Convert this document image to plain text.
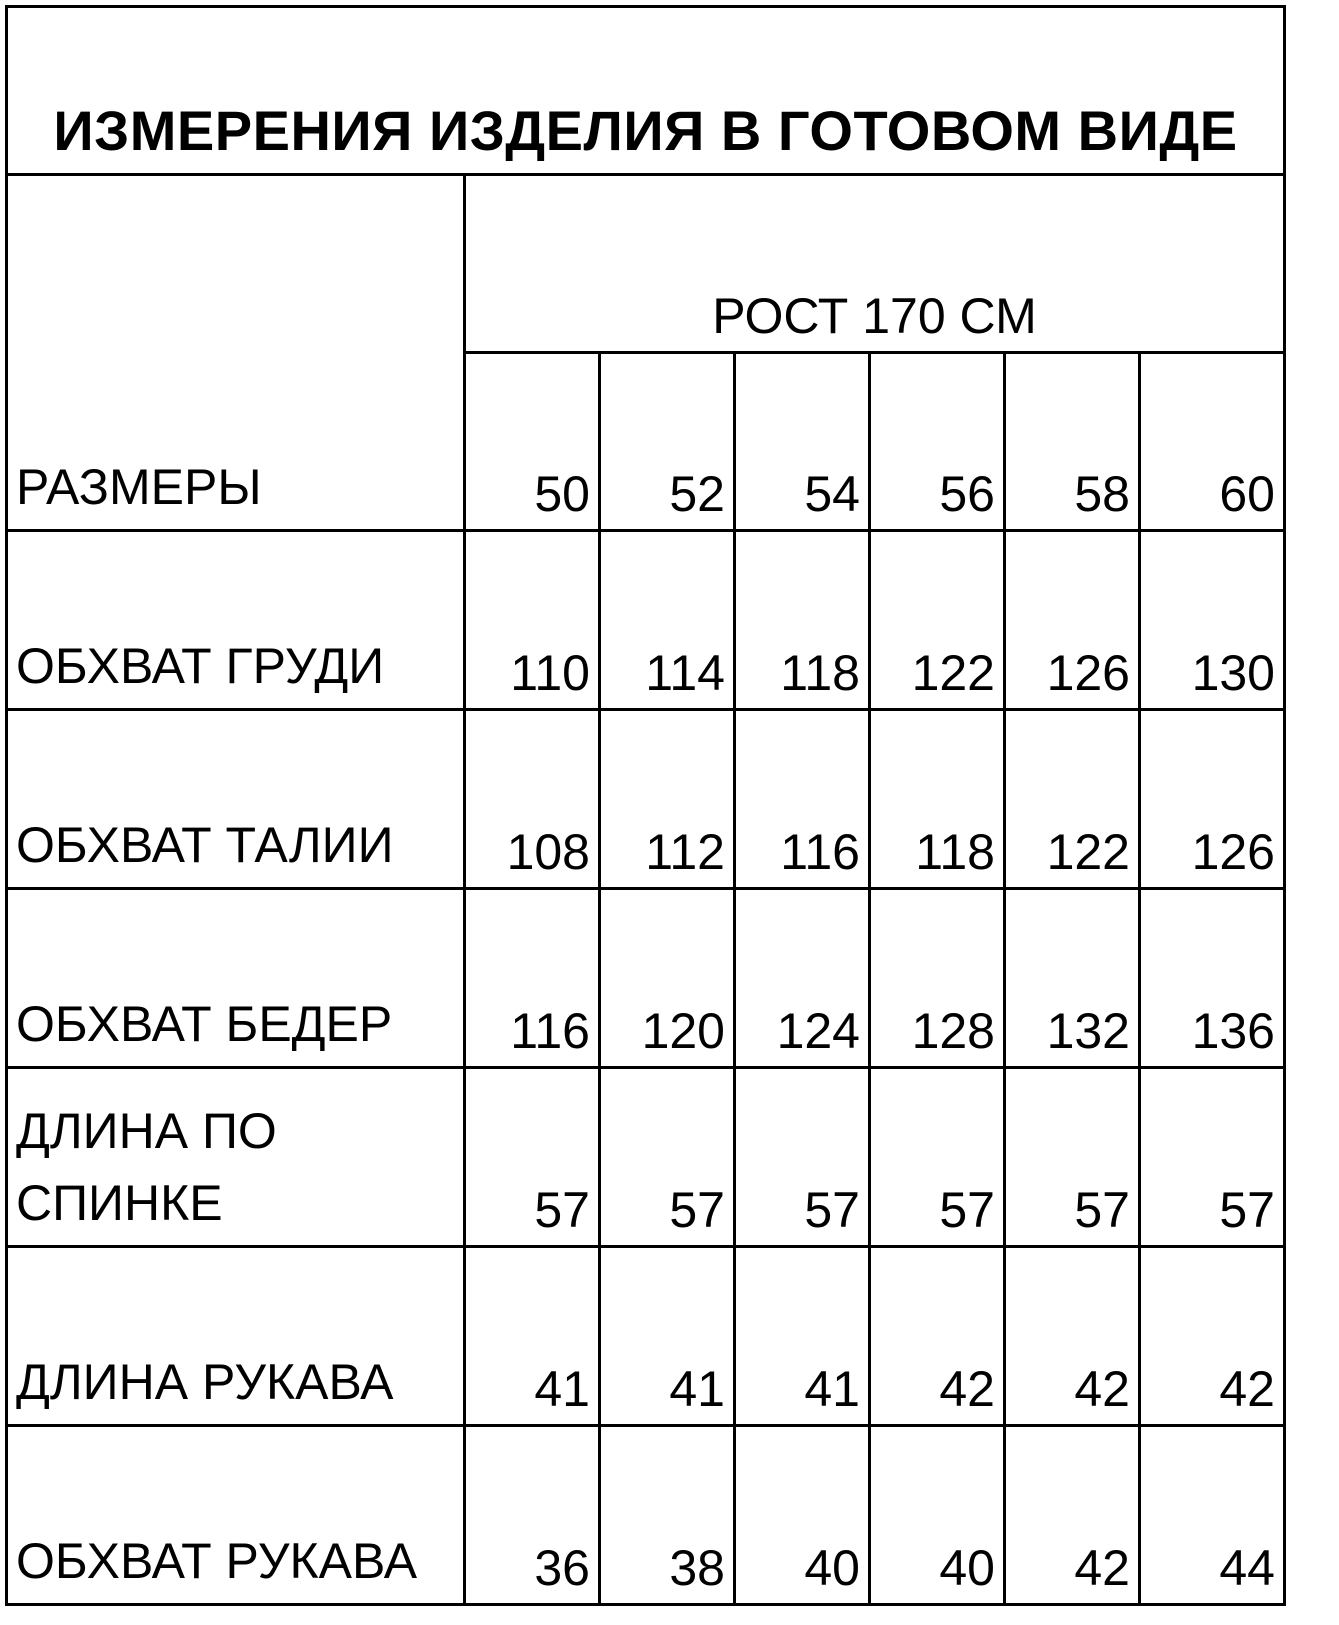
ИЗМЕРЕНИЯ ИЗДЕЛИЯ В ГОТОВОМ ВИДЕ						
РАЗМЕРЫ	РОСТ 170 СМ					
	50	52	54	56	58	60
ОБХВАТ ГРУДИ	110	114	118	122	126	130
ОБХВАТ ТАЛИИ	108	112	116	118	122	126
ОБХВАТ БЕДЕР	116	120	124	128	132	136

ДЛИНА ПО
СПИНКЕ	57	57	57	57	57	57
ДЛИНА РУКАВА	41	41	41	42	42	42
ОБХВАТ РУКАВА	36	38	40	40	42	44
